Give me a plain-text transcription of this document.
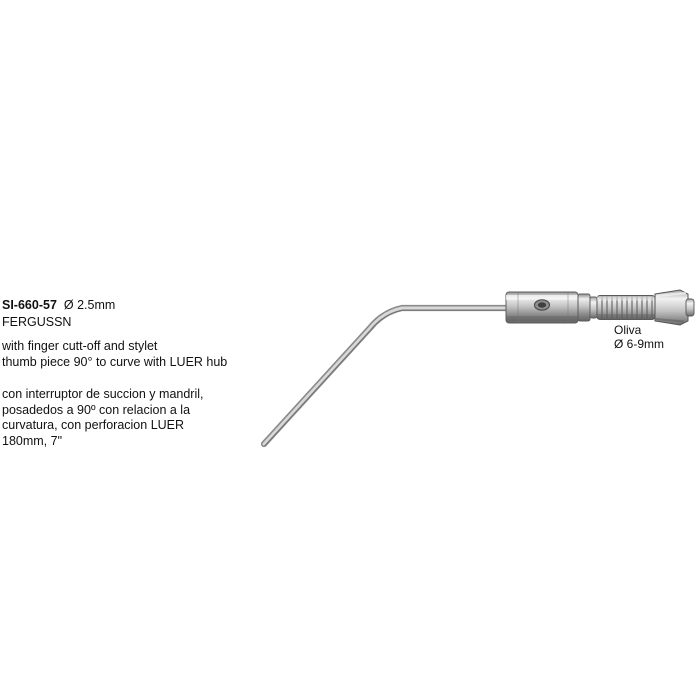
SI-660-57 Ø 2.5mm
FERGUSSN
with finger cutt-off and stylet
thumb piece 90° to curve with LUER hub
con interruptor de succion y mandril,
posadedos a 90º con relacion a la
curvatura, con perforacion LUER
180mm, 7"
Oliva
Ø 6-9mm
